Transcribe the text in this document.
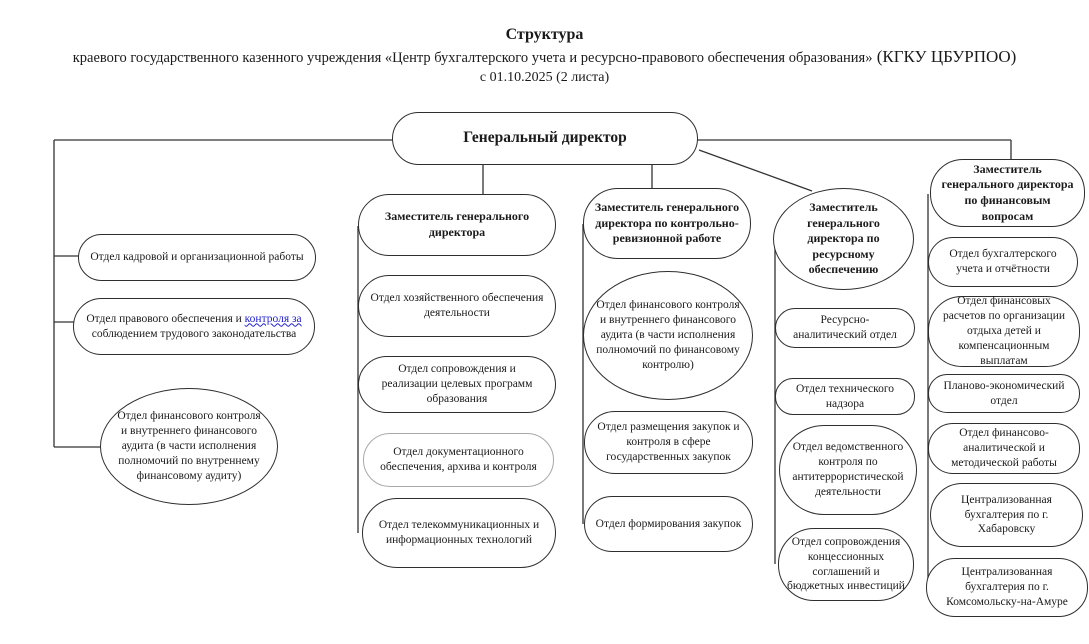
Структура
краевого государственного казенного учреждения «Центр бухгалтерского учета и ресурсно-правового обеспечения образования» (КГКУ ЦБУРПОО)
с 01.10.2025 (2 листа)
Генеральный директор
Отдел кадровой и организационной работы
Отдел правового обеспечения и контроля за соблюдением трудового законодательства
Отдел финансового контроля и внутреннего финансового аудита (в части исполнения полномочий по внутреннему финансовому аудиту)
Заместитель генерального директора
Отдел хозяйственного обеспечения деятельности
Отдел сопровождения и реализации целевых программ образования
Отдел документационного обеспечения, архива и контроля
Отдел телекоммуникационных и информационных технологий
Заместитель генерального директора по контрольно-ревизионной работе
Отдел финансового контроля и внутреннего финансового аудита (в части исполнения полномочий по финансовому контролю)
Отдел размещения закупок и контроля в сфере государственных закупок
Отдел формирования закупок
Заместитель генерального директора по ресурсному обеспечению
Ресурсно-аналитический отдел
Отдел технического надзора
Отдел ведомственного контроля по антитеррористической деятельности
Отдел сопровождения концессионных соглашений и бюджетных инвестиций
Заместитель генерального директора по финансовым вопросам
Отдел бухгалтерского учета и отчётности
Отдел финансовых расчетов по организации отдыха детей и компенсационным выплатам
Планово-экономический отдел
Отдел финансово-аналитической и методической работы
Централизованная бухгалтерия по г. Хабаровску
Централизованная бухгалтерия по г. Комсомольску-на-Амуре
